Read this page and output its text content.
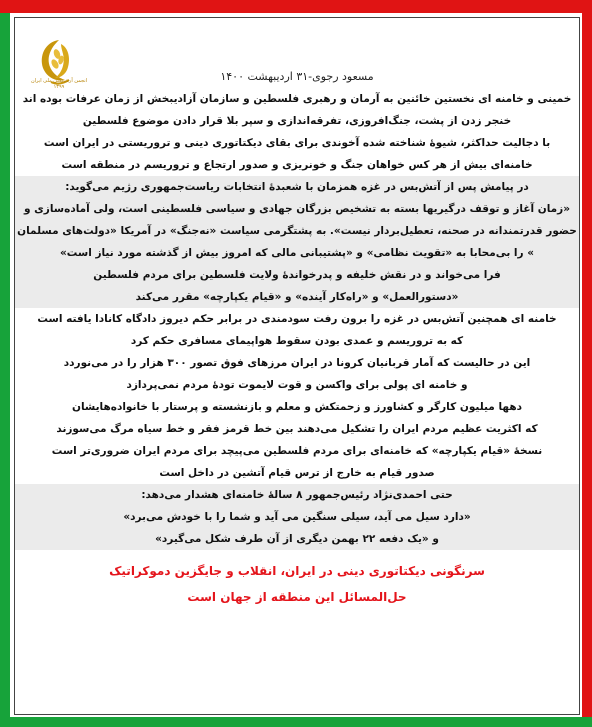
انجمن آرشیتکتی ملی ایران
۱۳۹۹
مسعود رجوی-۳۱ اردیبهشت ۱۴۰۰
خمینی و خامنه ای نخستین خائنین به آرمان و رهبری فلسطین و سازمان آزادیبخش از زمان عرفات بوده اند
خنجر زدن از پشت، جنگ‌افروزی، تفرقه‌اندازی و سپر بلا قرار دادن موضوع فلسطین
با دجالیت حداکثر، شیوۀ شناخته شده آخوندی برای بقای دیکتاتوری دینی و تروریستی در ایران است
خامنه‌ای بیش از هر کس خواهان جنگ و خونریزی و صدور ارتجاع و تروریسم در منطقه است
در پیامش پس از آتش‌بس در غزه همزمان با شعبدۀ انتخابات ریاست‌جمهوری رژیم می‌گوید:
«زمان آغاز و توقف درگیریها بسته به تشخیص بزرگان جهادی و سیاسی فلسطینی است، ولی آماده‌سازی و
حضور قدرتمندانه در صحنه، تعطیل‌بردار نیست». به پشتگرمی سیاست «نه‌جنگ» در آمریکا «دولت‌های مسلمان
» را بی‌محابا به «تقویت نظامی» و «پشتیبانی مالی که امروز بیش از گذشته مورد نیاز است»
فرا می‌خواند و در نقش خلیفه و پدرخواندۀ ولایت فلسطین برای مردم فلسطین
«دستورالعمل» و «راه‌کار آینده» و «قیام یکپارچه» مقرر می‌کند
خامنه ای همچنین آتش‌بس در غزه را برون رفت سودمندی در برابر حکم دیروز دادگاه کانادا یافته است
که به تروریسم و عمدی بودن سقوط هواپیمای مسافری حکم کرد
این در حالیست که آمار قربانیان کرونا در ایران مرزهای فوق تصور ۳۰۰ هزار را در می‌نوردد
و خامنه ای پولی برای واکسن و قوت لایموت تودۀ مردم نمی‌پردازد
دهها میلیون کارگر و کشاورز و زحمتکش و معلم و بازنشسته و پرستار با خانواده‌هایشان
که اکثریت عظیم مردم ایران را تشکیل می‌دهند بین خط قرمز فقر و خط سیاه مرگ می‌سوزند
نسخۀ «قیام یکپارچه» که خامنه‌ای برای مردم فلسطین می‌پیچد برای مردم ایران ضروری‌تر است
صدور قیام به خارج از ترس قیام آتشین در داخل است
حتی احمدی‌نژاد رئیس‌جمهور ۸ سالۀ خامنه‌ای هشدار می‌دهد:
«دارد سیل می آید، سیلی سنگین می آید و شما را با خودش می‌برد»
و «یک دفعه ۲۲ بهمن دیگری از آن طرف شکل می‌گیرد»
سرنگونی دیکتاتوری دینی در ایران، انقلاب و جایگزین دموکراتیک
حل‌المسائل این منطقه از جهان است
